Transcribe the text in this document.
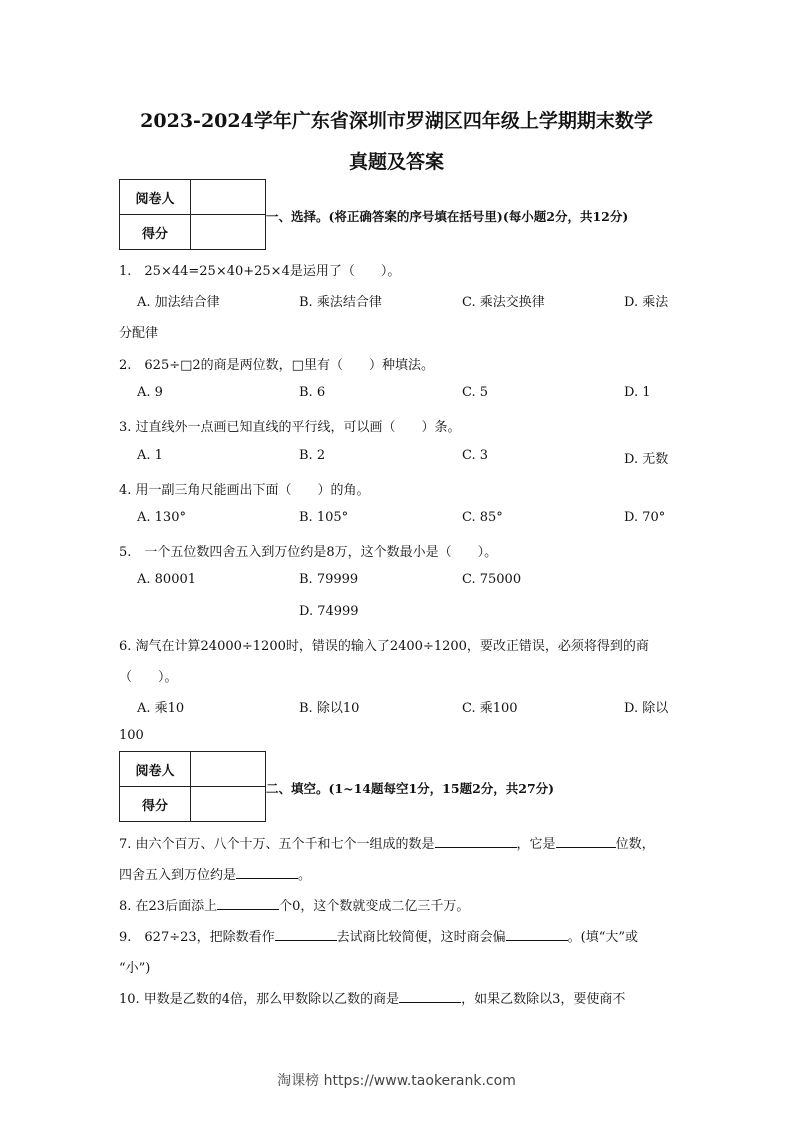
2023-2024学年广东省深圳市罗湖区四年级上学期期末数学
真题及答案
阅卷人	
得分	
一、选择。(将正确答案的序号填在括号里)(每小题2分，共12分)
1.　25×44=25×40+25×4是运用了（　　）。
A. 加法结合律	B. 乘法结合律	C. 乘法交换律	D. 乘法
分配律
2.　625÷□2的商是两位数，□里有（　　）种填法。
A. 9	B. 6	C. 5	D. 1
3. 过直线外一点画已知直线的平行线，可以画（　　）条。
A. 1	B. 2	C. 3	D. 无数
4. 用一副三角尺能画出下面（　　）的角。
A. 130°	B. 105°	C. 85°	D. 70°
5.　一个五位数四舍五入到万位约是8万，这个数最小是（　　）。
A. 80001	B. 79999	C. 75000
D. 74999
6. 淘气在计算24000÷1200时，错误的输入了2400÷1200，要改正错误，必须将得到的商
（　　）。
A. 乘10	B. 除以10	C. 乘100	D. 除以
100
阅卷人	
得分	
二、填空。(1~14题每空1分，15题2分，共27分)
7. 由六个百万、八个十万、五个千和七个一组成的数是	，它是	位数，
四舍五入到万位约是	。
8. 在23后面添上	个0，这个数就变成二亿三千万。
9.　627÷23，把除数看作	去试商比较简便，这时商会偏	。(填“大”或
“小”)
10. 甲数是乙数的4倍，那么甲数除以乙数的商是	，如果乙数除以3，要使商不
淘课榜 https://www.taokerank.com
